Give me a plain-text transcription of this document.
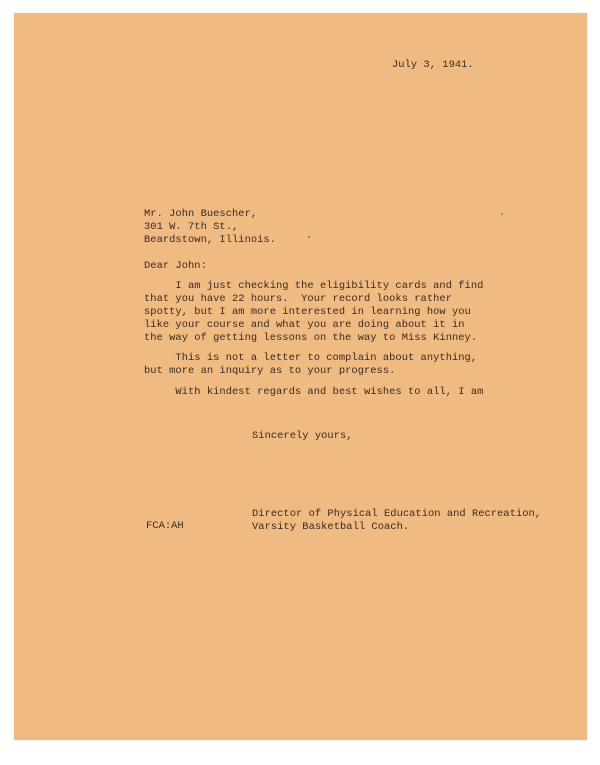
July 3, 1941.
Mr. John Buescher,
301 W. 7th St.,
Beardstown, Illinois.
Dear John:
I am just checking the eligibility cards and find
that you have 22 hours.  Your record looks rather
spotty, but I am more interested in learning how you
like your course and what you are doing about it in
the way of getting lessons on the way to Miss Kinney.
This is not a letter to complain about anything,
but more an inquiry as to your progress.
With kindest regards and best wishes to all, I am
Sincerely yours,
Director of Physical Education and Recreation,
Varsity Basketball Coach.
FCA:AH
